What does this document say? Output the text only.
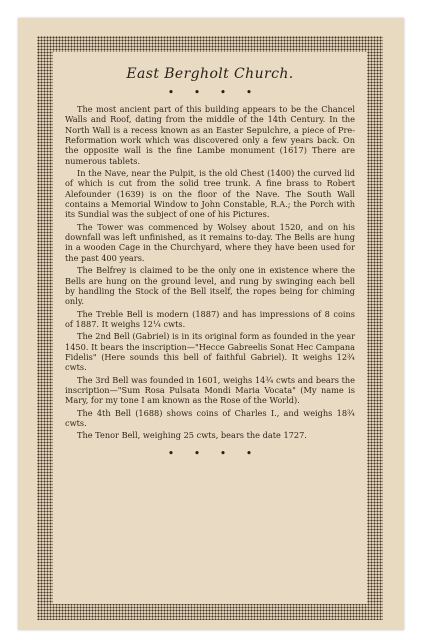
East Bergholt Church.
• • • •

The most ancient part of this building appears to be the Chancel Walls and Roof, dating from the middle of the 14th Century. In the North Wall is a recess known as an Easter Sepulchre, a piece of Pre-Reformation work which was discovered only a few years back. On the opposite wall is the fine Lambe monument (1617) There are numerous tablets.

In the Nave, near the Pulpit, is the old Chest (1400) the curved lid of which is cut from the solid tree trunk. A fine brass to Robert Alefounder (1639) is on the floor of the Nave. The South Wall contains a Memorial Window to John Constable, R.A.; the Porch with its Sundial was the subject of one of his Pictures.

The Tower was commenced by Wolsey about 1520, and on his downfall was left unfinished, as it remains to-day. The Bells are hung in a wooden Cage in the Churchyard, where they have been used for the past 400 years.

The Belfrey is claimed to be the only one in existence where the Bells are hung on the ground level, and rung by swinging each bell by handling the Stock of the Bell itself, the ropes being for chiming only.

The Treble Bell is modern (1887) and has impressions of 8 coins of 1887. It weighs 12¼ cwts.

The 2nd Bell (Gabriel) is in its original form as founded in the year 1450. It bears the inscription—"Hecce Gabreelis Sonat Hec Campana Fidelis" (Here sounds this bell of faithful Gabriel). It weighs 12¾ cwts.

The 3rd Bell was founded in 1601, weighs 14¾ cwts and bears the inscription—"Sum Rosa Pulsata Mondi Maria Vocata" (My name is Mary, for my tone I am known as the Rose of the World).

The 4th Bell (1688) shows coins of Charles I., and weighs 18¾ cwts.

The Tenor Bell, weighing 25 cwts, bears the date 1727.

• • • •
